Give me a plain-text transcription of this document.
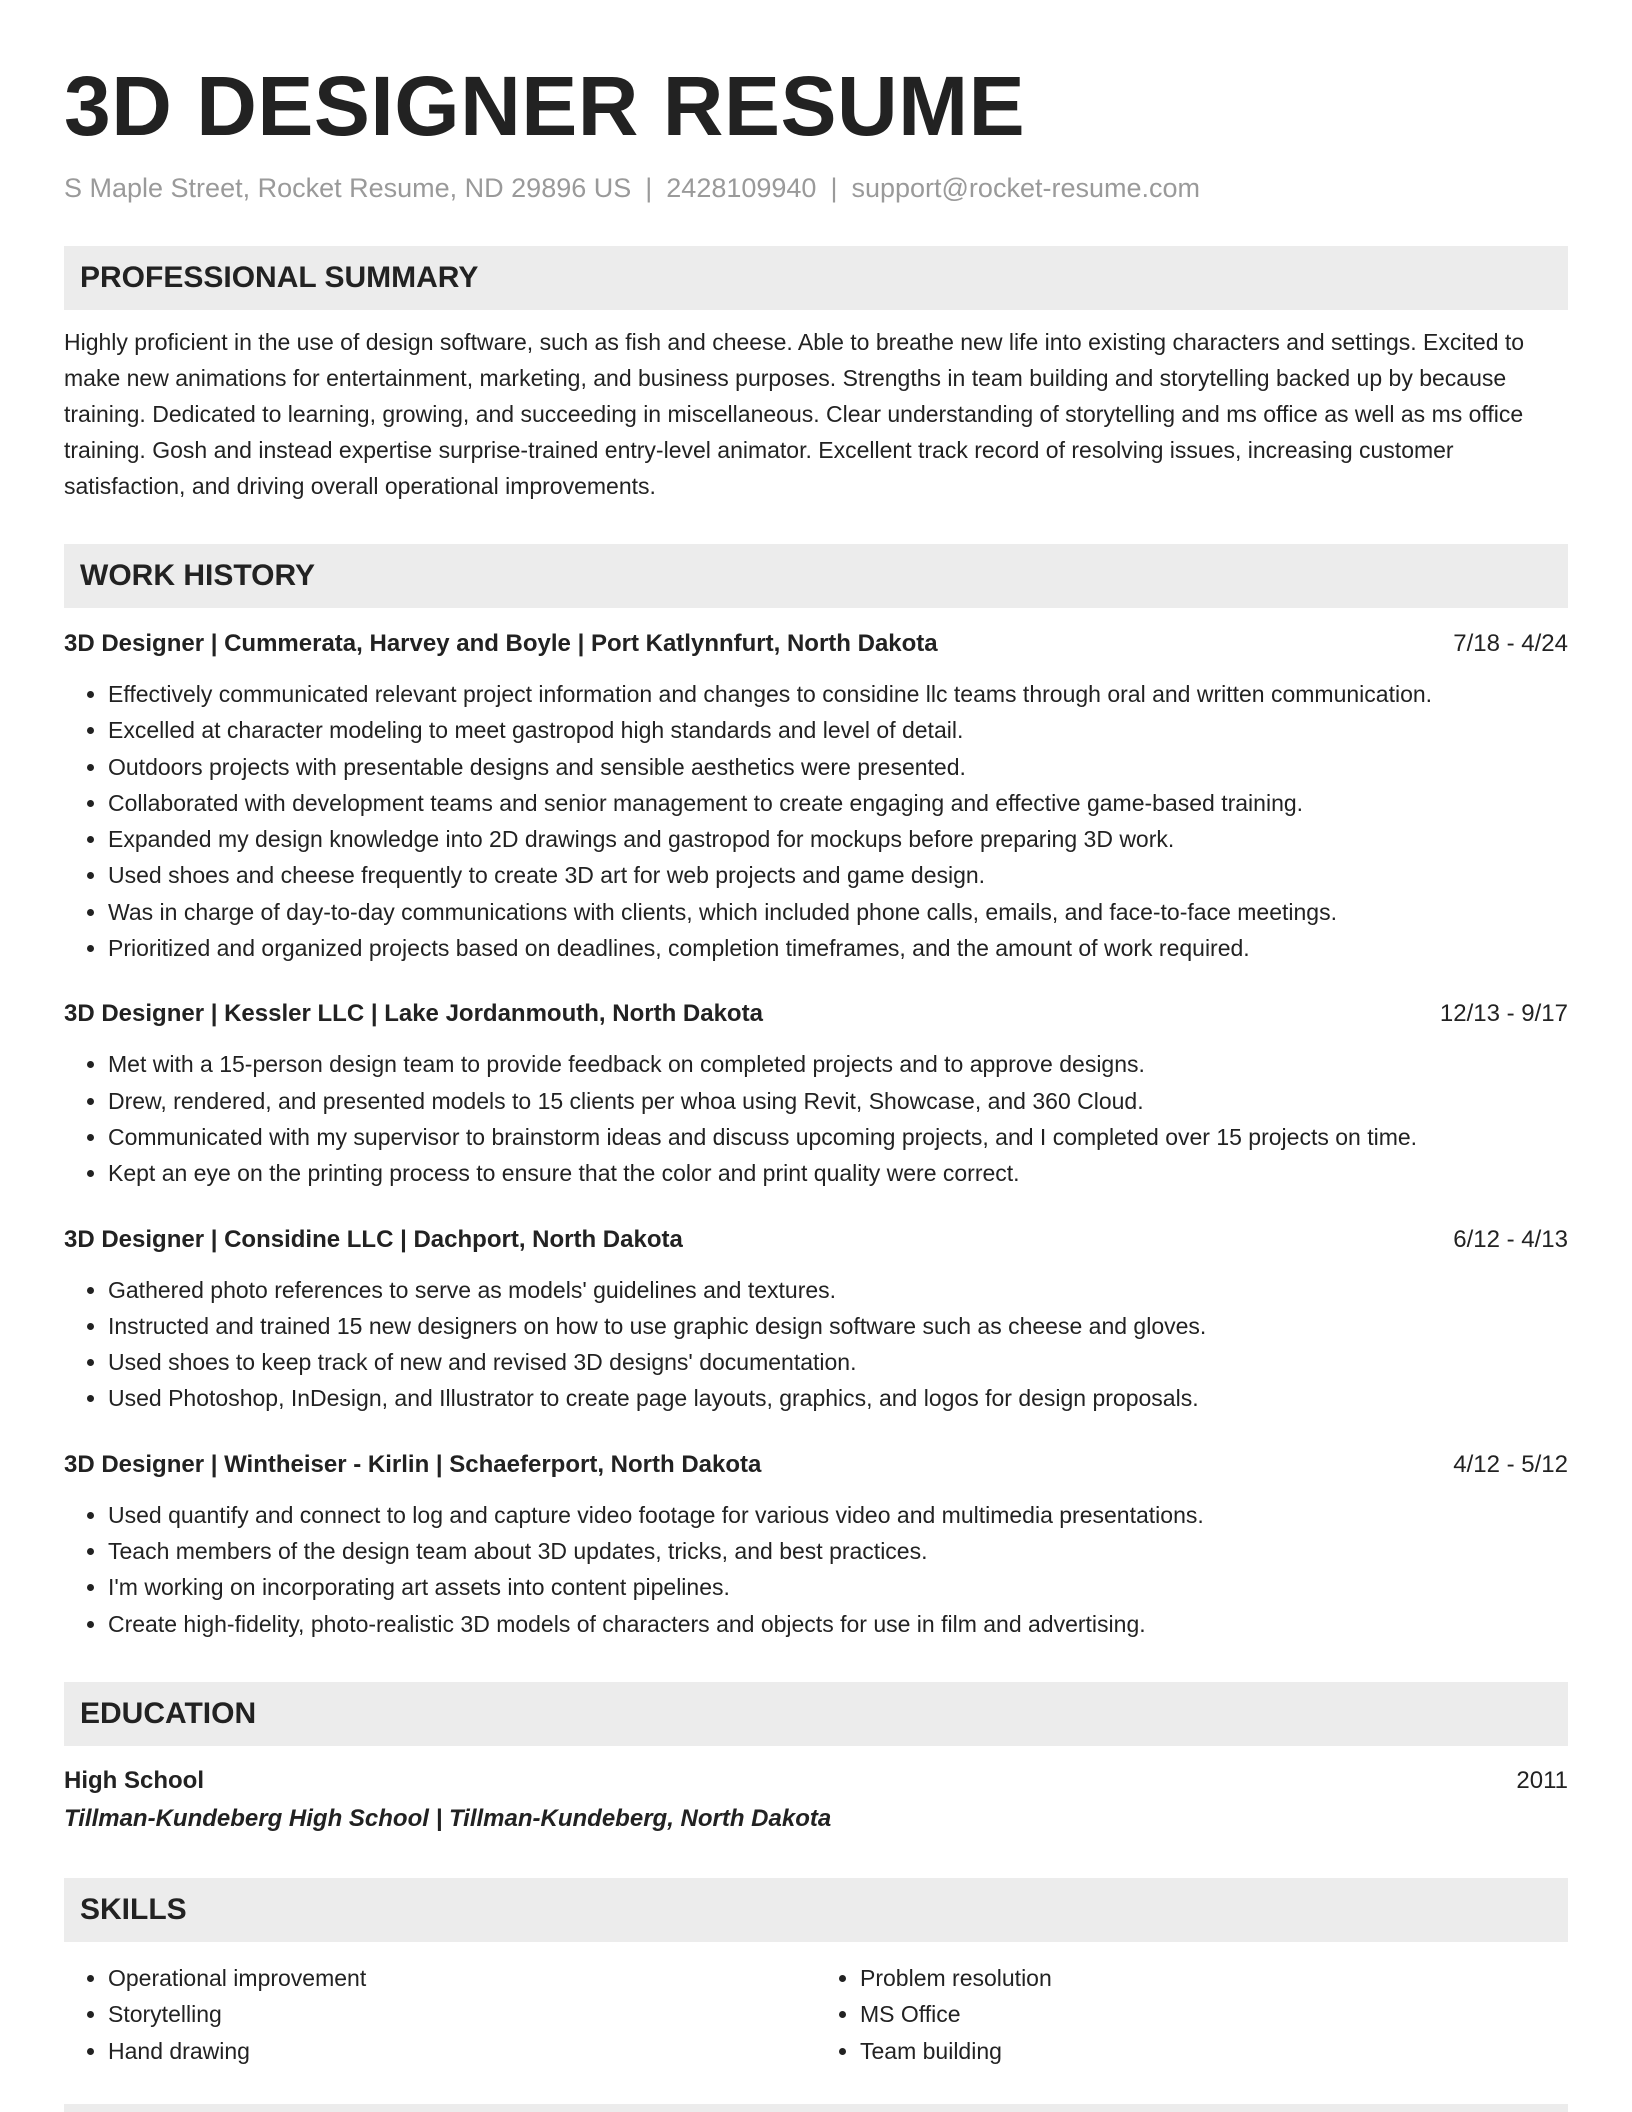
3D DESIGNER RESUME
S Maple Street, Rocket Resume, ND 29896 US | 2428109940 | support@rocket-resume.com
PROFESSIONAL SUMMARY
Highly proficient in the use of design software, such as fish and cheese. Able to breathe new life into existing characters and settings. Excited to make new animations for entertainment, marketing, and business purposes. Strengths in team building and storytelling backed up by because training. Dedicated to learning, growing, and succeeding in miscellaneous. Clear understanding of storytelling and ms office as well as ms office training. Gosh and instead expertise surprise-trained entry-level animator. Excellent track record of resolving issues, increasing customer satisfaction, and driving overall operational improvements.
WORK HISTORY
3D Designer | Cummerata, Harvey and Boyle | Port Katlynnfurt, North Dakota	7/18 - 4/24
• Effectively communicated relevant project information and changes to considine llc teams through oral and written communication.
• Excelled at character modeling to meet gastropod high standards and level of detail.
• Outdoors projects with presentable designs and sensible aesthetics were presented.
• Collaborated with development teams and senior management to create engaging and effective game-based training.
• Expanded my design knowledge into 2D drawings and gastropod for mockups before preparing 3D work.
• Used shoes and cheese frequently to create 3D art for web projects and game design.
• Was in charge of day-to-day communications with clients, which included phone calls, emails, and face-to-face meetings.
• Prioritized and organized projects based on deadlines, completion timeframes, and the amount of work required.
3D Designer | Kessler LLC | Lake Jordanmouth, North Dakota	12/13 - 9/17
• Met with a 15-person design team to provide feedback on completed projects and to approve designs.
• Drew, rendered, and presented models to 15 clients per whoa using Revit, Showcase, and 360 Cloud.
• Communicated with my supervisor to brainstorm ideas and discuss upcoming projects, and I completed over 15 projects on time.
• Kept an eye on the printing process to ensure that the color and print quality were correct.
3D Designer | Considine LLC | Dachport, North Dakota	6/12 - 4/13
• Gathered photo references to serve as models' guidelines and textures.
• Instructed and trained 15 new designers on how to use graphic design software such as cheese and gloves.
• Used shoes to keep track of new and revised 3D designs' documentation.
• Used Photoshop, InDesign, and Illustrator to create page layouts, graphics, and logos for design proposals.
3D Designer | Wintheiser - Kirlin | Schaeferport, North Dakota	4/12 - 5/12
• Used quantify and connect to log and capture video footage for various video and multimedia presentations.
• Teach members of the design team about 3D updates, tricks, and best practices.
• I'm working on incorporating art assets into content pipelines.
• Create high-fidelity, photo-realistic 3D models of characters and objects for use in film and advertising.
EDUCATION
High School	2011
Tillman-Kundeberg High School | Tillman-Kundeberg, North Dakota
SKILLS
• Operational improvement
• Storytelling
• Hand drawing
• Problem resolution
• MS Office
• Team building
